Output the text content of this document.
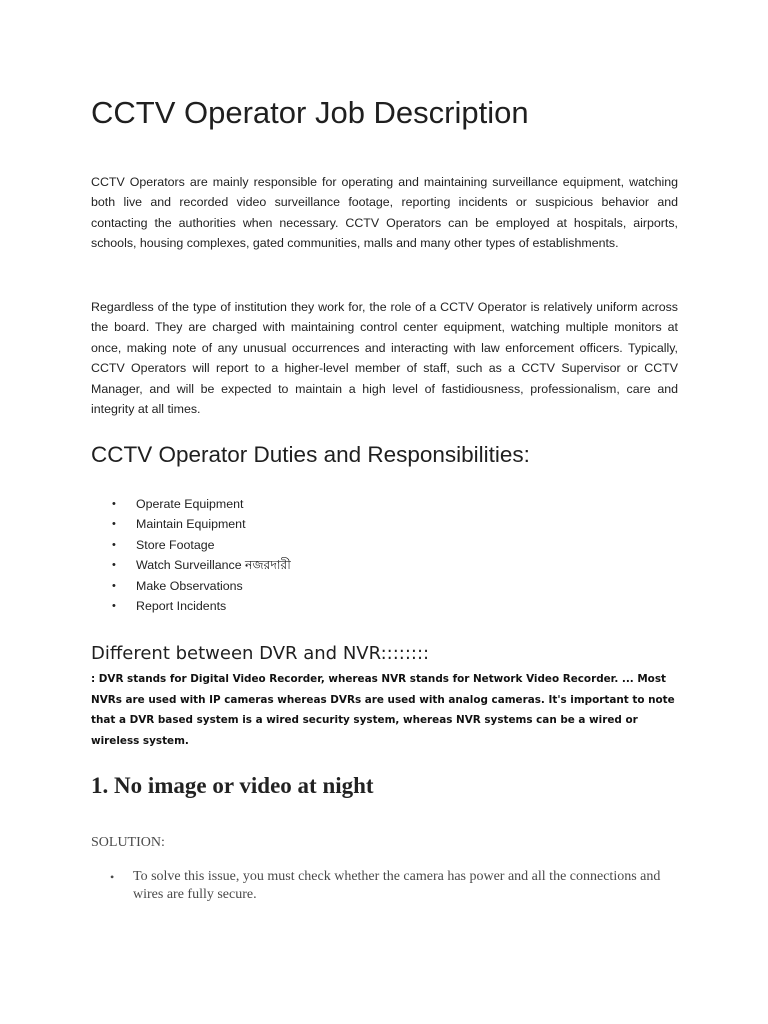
CCTV Operator Job Description

CCTV Operators are mainly responsible for operating and maintaining surveillance equipment, watching both live and recorded video surveillance footage, reporting incidents or suspicious behavior and contacting the authorities when necessary. CCTV Operators can be employed at hospitals, airports, schools, housing complexes, gated communities, malls and many other types of establishments.

Regardless of the type of institution they work for, the role of a CCTV Operator is relatively uniform across the board. They are charged with maintaining control center equipment, watching multiple monitors at once, making note of any unusual occurrences and interacting with law enforcement officers. Typically, CCTV Operators will report to a higher-level member of staff, such as a CCTV Supervisor or CCTV Manager, and will be expected to maintain a high level of fastidiousness, professionalism, care and integrity at all times.

CCTV Operator Duties and Responsibilities:
• Operate Equipment
• Maintain Equipment
• Store Footage
• Watch Surveillance নজরদারী
• Make Observations
• Report Incidents
Different between DVR and NVR::::::::

: DVR stands for Digital Video Recorder, whereas NVR stands for Network Video Recorder. ... Most NVRs are used with IP cameras whereas DVRs are used with analog cameras. It's important to note that a DVR based system is a wired security system, whereas NVR systems can be a wired or wireless system.

1. No image or video at night

SOLUTION:

• To solve this issue, you must check whether the camera has power and all the connections and wires are fully secure.
